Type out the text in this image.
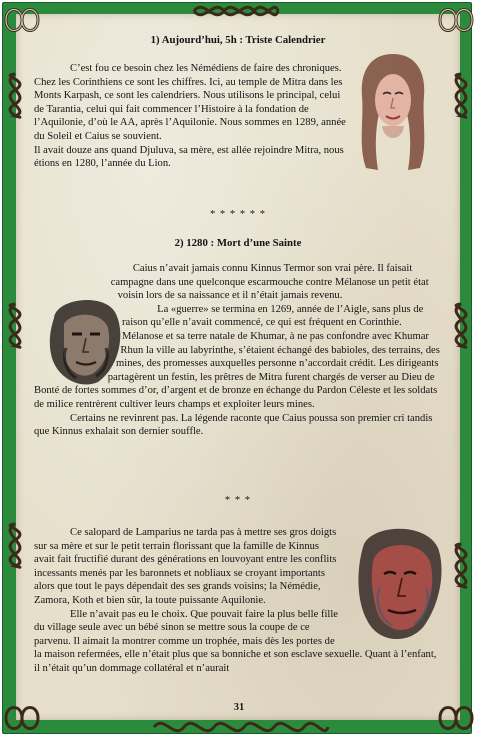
1) Aujourd’hui, 5h : Triste Calendrier

C’est fou ce besoin chez les Némédiens de faire des chroniques. Chez les Corinthiens ce sont les chiffres. Ici, au temple de Mitra dans les Monts Karpash, ce sont les calendriers. Nous utilisons le principal, celui de Tarantia, celui qui fait commencer l’Histoire à la fondation de l’Aquilonie, d’où le AA, après l’Aquilonie. Nous sommes en 1289, année du Soleil et Caius se souvient.

Il avait douze ans quand Djuluva, sa mère, est allée rejoindre Mitra, nous étions en 1280, l’année du Lion.

* * * * * *
2) 1280 : Mort d’une Sainte

Caius n’avait jamais connu Kinnus Termor son vrai père. Il faisait campagne dans une quelconque escarmouche contre Mélanose un petit état voisin lors de sa naissance et il n’était jamais revenu.

La «guerre» se termina en 1269, année de l’Aigle, sans plus de raison qu’elle n’avait commencé, ce qui est fréquent en Corinthie. Mélanose et sa terre natale de Khumar, à ne pas confondre avec Khumar Rhun la ville au labyrinthe, s’étaient échangé des babioles, des terrains, des mines, des promesses auxquelles personne n’accordait crédit. Les dirigeants partagèrent un festin, les prêtres de Mitra furent chargés de verser au Dieu de Bonté de fortes sommes d’or, d’argent et de bronze en échange du Pardon Céleste et les soldats de milice rentrèrent cultiver leurs champs et exploiter leurs mines.

Certains ne revinrent pas. La légende raconte que Caius poussa son premier cri tandis que Kinnus exhalait son dernier souffle.

* * *

Ce salopard de Lamparius ne tarda pas à mettre ses gros doigts sur sa mère et sur le petit terrain florissant que la famille de Kinnus avait fait fructifié durant des générations en louvoyant entre les conflits incessants menés par les baronnets et nobliaux se croyant importants alors que tout le pays dépendait des ses grands voisins; la Némédie, Zamora, Koth et bien sûr, la toute puissante Aquilonie.

Elle n’avait pas eu le choix. Que pouvait faire la plus belle fille du village seule avec un bébé sinon se mettre sous la coupe de ce parvenu. Il aimait la montrer comme un trophée, mais dès les portes de la maison refermées, elle n’était plus que sa bonniche et son esclave sexuelle. Quant à l’enfant, il n’était qu’un dommage collatéral et n’aurait

31
